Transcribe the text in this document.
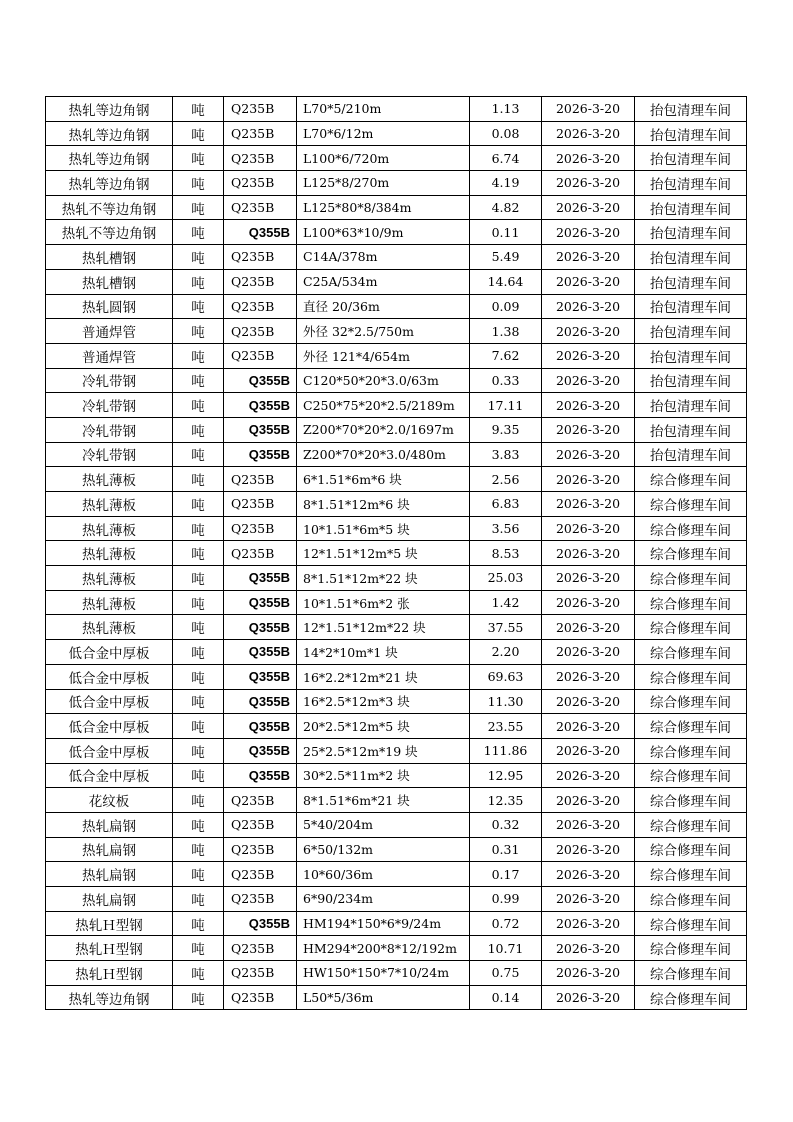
热轧等边角钢	吨	Q235B	L70*5/210m	1.13	2026-3-20	抬包清理车间
热轧等边角钢	吨	Q235B	L70*6/12m	0.08	2026-3-20	抬包清理车间
热轧等边角钢	吨	Q235B	L100*6/720m	6.74	2026-3-20	抬包清理车间
热轧等边角钢	吨	Q235B	L125*8/270m	4.19	2026-3-20	抬包清理车间
热轧不等边角钢	吨	Q235B	L125*80*8/384m	4.82	2026-3-20	抬包清理车间
热轧不等边角钢	吨	Q355B	L100*63*10/9m	0.11	2026-3-20	抬包清理车间
热轧槽钢	吨	Q235B	C14A/378m	5.49	2026-3-20	抬包清理车间
热轧槽钢	吨	Q235B	C25A/534m	14.64	2026-3-20	抬包清理车间
热轧圆钢	吨	Q235B	直径 20/36m	0.09	2026-3-20	抬包清理车间
普通焊管	吨	Q235B	外径 32*2.5/750m	1.38	2026-3-20	抬包清理车间
普通焊管	吨	Q235B	外径 121*4/654m	7.62	2026-3-20	抬包清理车间
冷轧带钢	吨	Q355B	C120*50*20*3.0/63m	0.33	2026-3-20	抬包清理车间
冷轧带钢	吨	Q355B	C250*75*20*2.5/2189m	17.11	2026-3-20	抬包清理车间
冷轧带钢	吨	Q355B	Z200*70*20*2.0/1697m	9.35	2026-3-20	抬包清理车间
冷轧带钢	吨	Q355B	Z200*70*20*3.0/480m	3.83	2026-3-20	抬包清理车间
热轧薄板	吨	Q235B	6*1.51*6m*6 块	2.56	2026-3-20	综合修理车间
热轧薄板	吨	Q235B	8*1.51*12m*6 块	6.83	2026-3-20	综合修理车间
热轧薄板	吨	Q235B	10*1.51*6m*5 块	3.56	2026-3-20	综合修理车间
热轧薄板	吨	Q235B	12*1.51*12m*5 块	8.53	2026-3-20	综合修理车间
热轧薄板	吨	Q355B	8*1.51*12m*22 块	25.03	2026-3-20	综合修理车间
热轧薄板	吨	Q355B	10*1.51*6m*2 张	1.42	2026-3-20	综合修理车间
热轧薄板	吨	Q355B	12*1.51*12m*22 块	37.55	2026-3-20	综合修理车间
低合金中厚板	吨	Q355B	14*2*10m*1 块	2.20	2026-3-20	综合修理车间
低合金中厚板	吨	Q355B	16*2.2*12m*21 块	69.63	2026-3-20	综合修理车间
低合金中厚板	吨	Q355B	16*2.5*12m*3 块	11.30	2026-3-20	综合修理车间
低合金中厚板	吨	Q355B	20*2.5*12m*5 块	23.55	2026-3-20	综合修理车间
低合金中厚板	吨	Q355B	25*2.5*12m*19 块	111.86	2026-3-20	综合修理车间
低合金中厚板	吨	Q355B	30*2.5*11m*2 块	12.95	2026-3-20	综合修理车间
花纹板	吨	Q235B	8*1.51*6m*21 块	12.35	2026-3-20	综合修理车间
热轧扁钢	吨	Q235B	5*40/204m	0.32	2026-3-20	综合修理车间
热轧扁钢	吨	Q235B	6*50/132m	0.31	2026-3-20	综合修理车间
热轧扁钢	吨	Q235B	10*60/36m	0.17	2026-3-20	综合修理车间
热轧扁钢	吨	Q235B	6*90/234m	0.99	2026-3-20	综合修理车间
热轧Ｈ型钢	吨	Q355B	HM194*150*6*9/24m	0.72	2026-3-20	综合修理车间
热轧Ｈ型钢	吨	Q235B	HM294*200*8*12/192m	10.71	2026-3-20	综合修理车间
热轧Ｈ型钢	吨	Q235B	HW150*150*7*10/24m	0.75	2026-3-20	综合修理车间
热轧等边角钢	吨	Q235B	L50*5/36m	0.14	2026-3-20	综合修理车间
